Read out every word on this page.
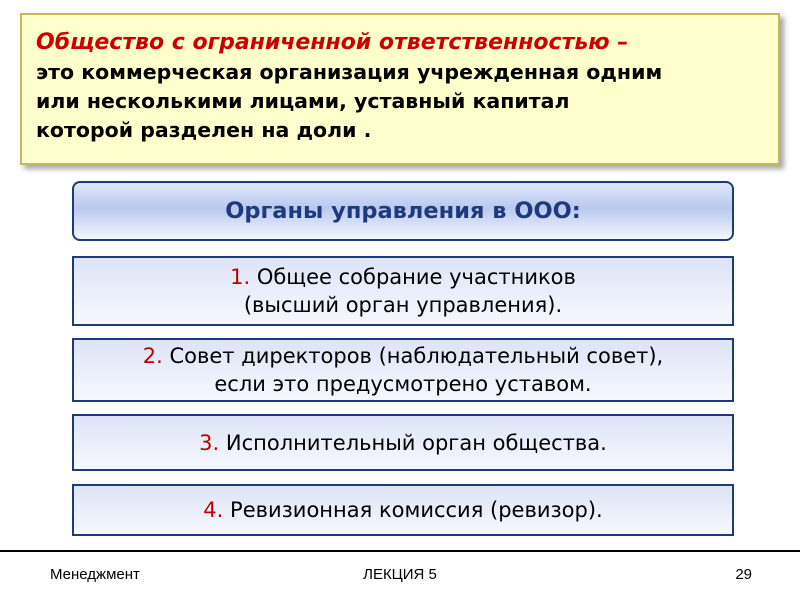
Общество с ограниченной ответственностью –
это коммерческая организация учрежденная одним
или несколькими лицами, уставный капитал
которой разделен на доли .
Органы управления в ООО:
1. Общее собрание участников
(высший орган управления).
2. Совет директоров (наблюдательный совет),
если это предусмотрено уставом.
3. Исполнительный орган общества.
4. Ревизионная комиссия (ревизор).
Менеджмент	ЛЕКЦИЯ 5	29
